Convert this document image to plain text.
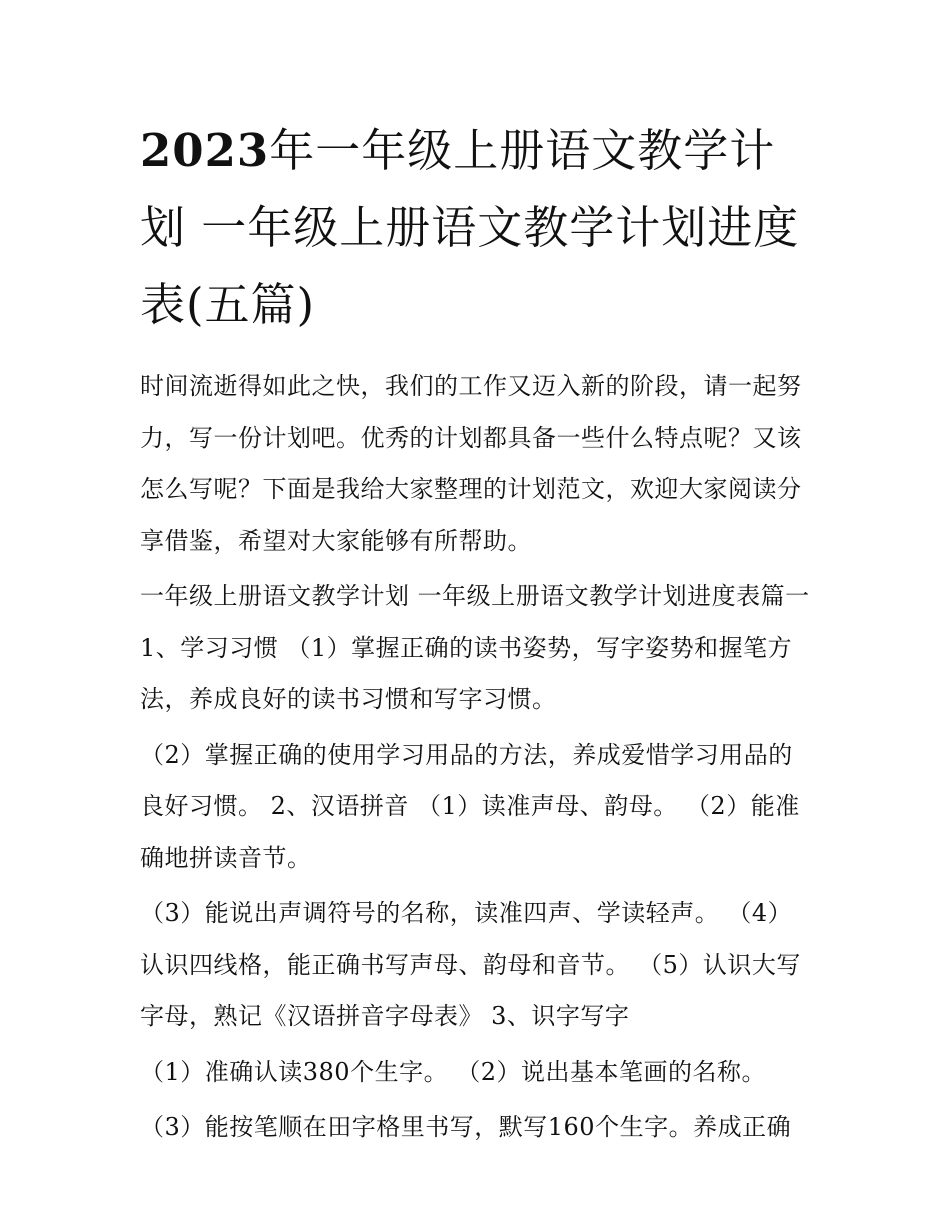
2023年一年级上册语文教学计划 一年级上册语文教学计划进度表(五篇)

时间流逝得如此之快，我们的工作又迈入新的阶段，请一起努力，写一份计划吧。优秀的计划都具备一些什么特点呢？又该怎么写呢？下面是我给大家整理的计划范文，欢迎大家阅读分享借鉴，希望对大家能够有所帮助。

一年级上册语文教学计划 一年级上册语文教学计划进度表篇一1、学习习惯 （1）掌握正确的读书姿势，写字姿势和握笔方法，养成良好的读书习惯和写字习惯。

（2）掌握正确的使用学习用品的方法，养成爱惜学习用品的良好习惯。 2、汉语拼音 （1）读准声母、韵母。 （2）能准确地拼读音节。

（3）能说出声调符号的名称，读准四声、学读轻声。 （4）认识四线格，能正确书写声母、韵母和音节。 （5）认识大写字母，熟记《汉语拼音字母表》 3、识字写字

（1）准确认读380个生字。 （2）说出基本笔画的名称。

（3）能按笔顺在田字格里书写，默写160个生字。养成正确
